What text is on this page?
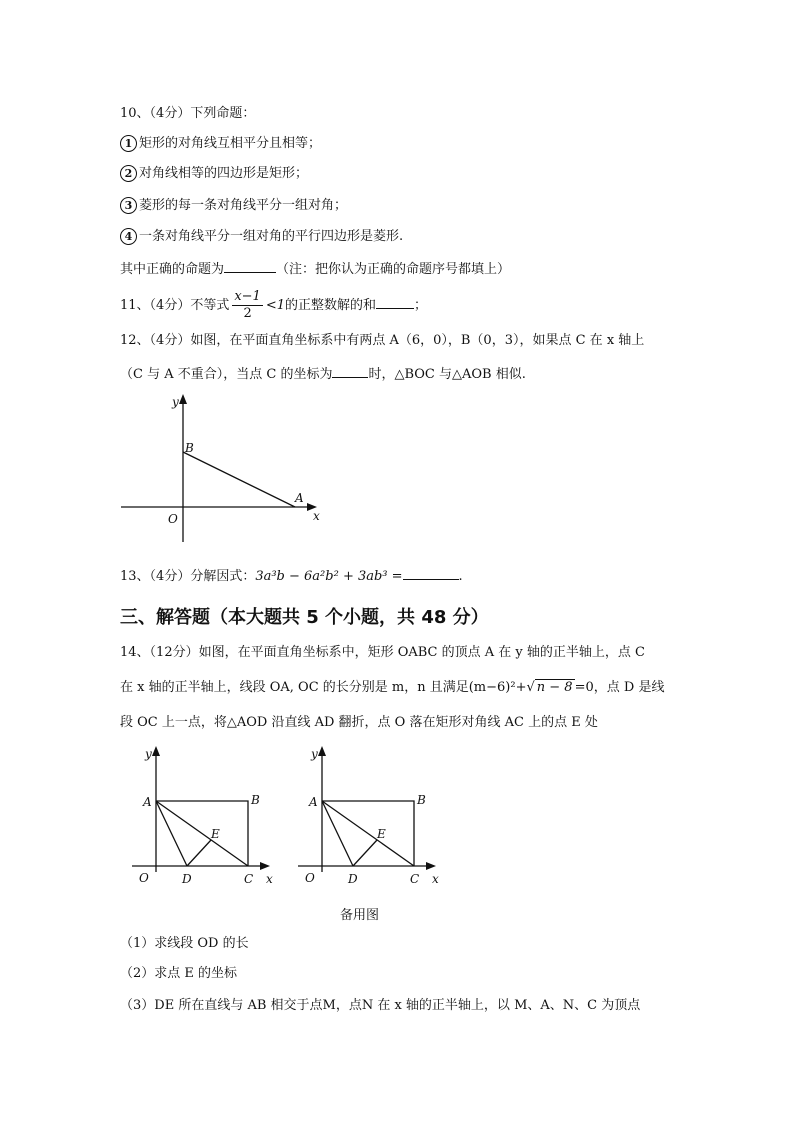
10、（4分）下列命题：
1 矩形的对角线互相平分且相等；
2 对角线相等的四边形是矩形；
3 菱形的每一条对角线平分一组对角；
4 一条对角线平分一组对角的平行四边形是菱形.
其中正确的命题为	（注：把你认为正确的命题序号都填上）
11、（4分）不等式 $\frac{x-1}{2} <1$的正整数解的和	；
12、（4分）如图，在平面直角坐标系中有两点 A（6，0），B（0，3），如果点 C 在 x 轴上
（C 与 A 不重合），当点 C 的坐标为	时，△BOC 与△AOB 相似.
y
x
O
A
B
13、（4分）分解因式：3a³b − 6a²b² + 3ab³ =	.
三、解答题（本大题共 5 个小题，共 48 分）
14、（12分）如图，在平面直角坐标系中，矩形 OABC 的顶点 A 在 y 轴的正半轴上，点 C
在 x 轴的正半轴上，线段 OA, OC 的长分别是 m，n 且满足(m−6)²+√ n − 8 =0，点 D 是线
段 OC 上一点，将△AOD 沿直线 AD 翻折，点 O 落在矩形对角线 AC 上的点 E 处
y
x
O
A	B
C
D
E
y
x
O
A	B
C
D
E
备用图
（1）求线段 OD 的长
（2）求点 E 的坐标
（3）DE 所在直线与 AB 相交于点M，点N 在 x 轴的正半轴上，以 M、A、N、C 为顶点
